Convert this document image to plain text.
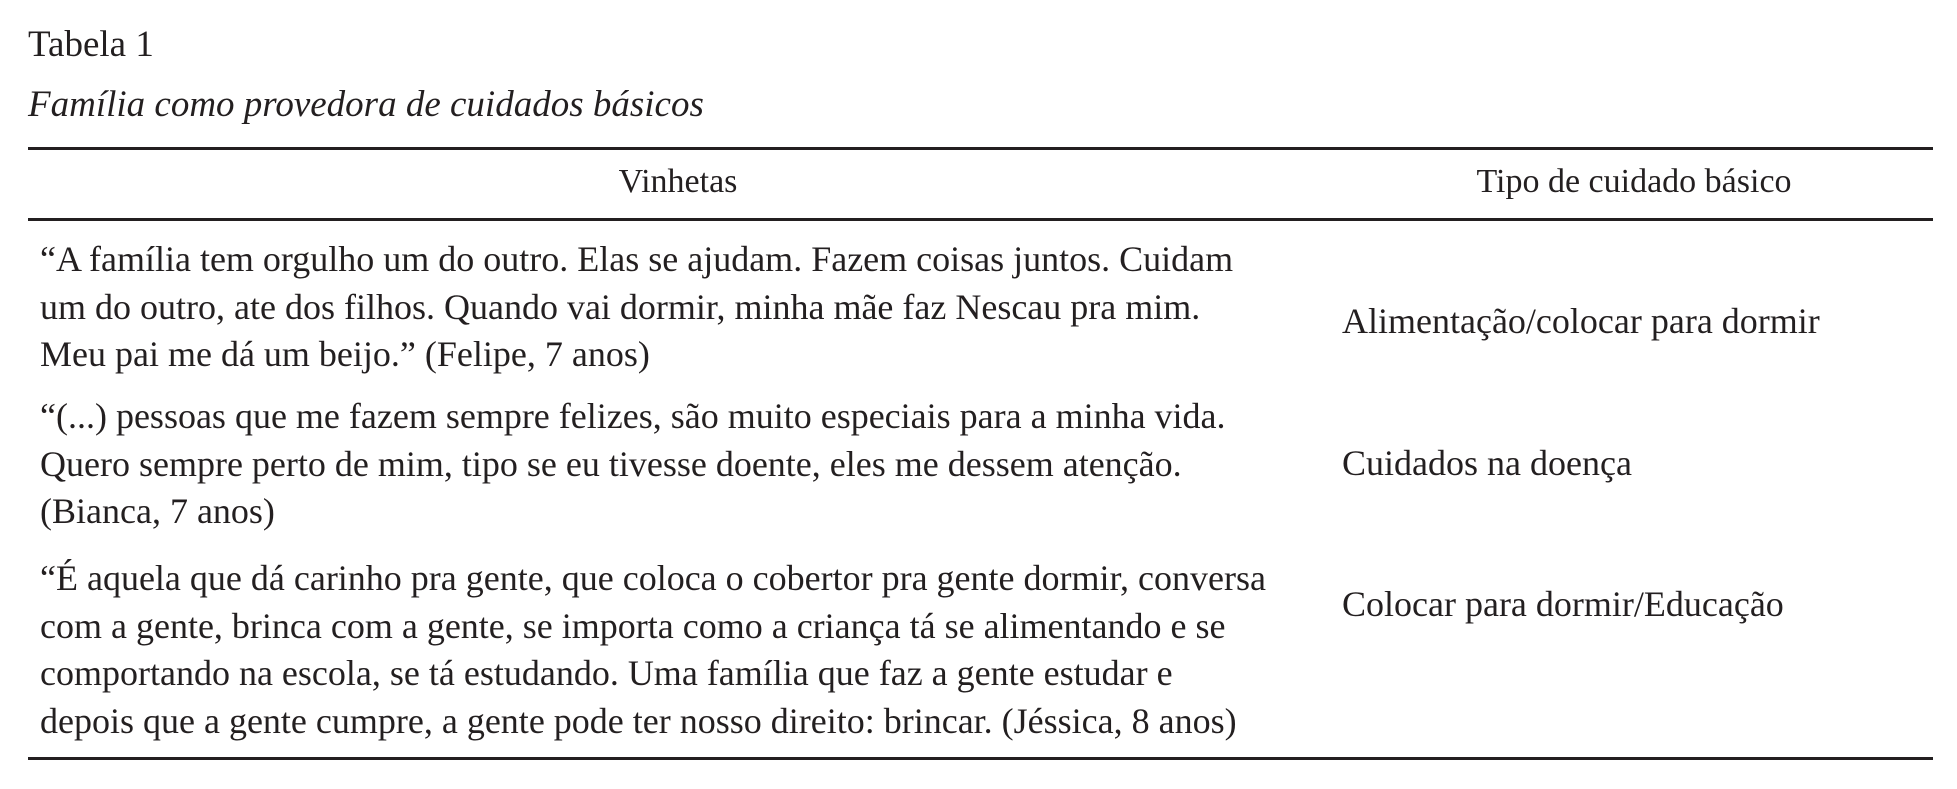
Tabela 1
Família como provedora de cuidados básicos
Vinhetas	Tipo de cuidado básico
“A família tem orgulho um do outro. Elas se ajudam. Fazem coisas juntos. Cuidam
um do outro, ate dos filhos. Quando vai dormir, minha mãe faz Nescau pra mim.
Meu pai me dá um beijo.” (Felipe, 7 anos)
Alimentação/colocar para dormir
“(...) pessoas que me fazem sempre felizes, são muito especiais para a minha vida.
Quero sempre perto de mim, tipo se eu tivesse doente, eles me dessem atenção.
(Bianca, 7 anos)
Cuidados na doença
“É aquela que dá carinho pra gente, que coloca o cobertor pra gente dormir, conversa
com a gente, brinca com a gente, se importa como a criança tá se alimentando e se
comportando na escola, se tá estudando. Uma família que faz a gente estudar e
depois que a gente cumpre, a gente pode ter nosso direito: brincar. (Jéssica, 8 anos)
Colocar para dormir/Educação
